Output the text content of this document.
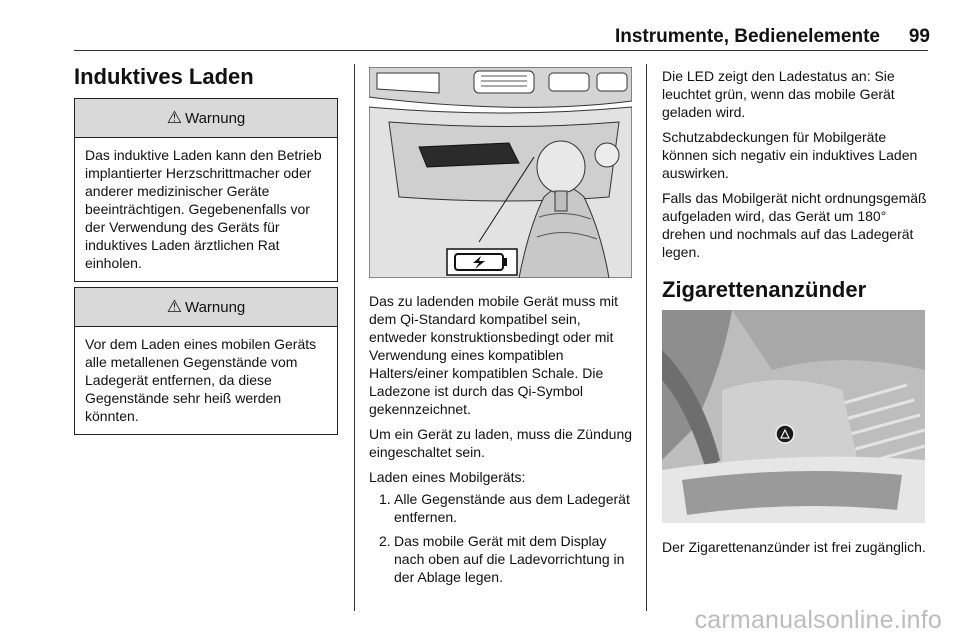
Instrumente, Bedienelemente	99
Induktives Laden
⚠ Warnung
Das induktive Laden kann den Betrieb implantierter Herzschrittmacher oder anderer medizinischer Geräte beeinträchtigen. Gegebenenfalls vor der Verwendung des Geräts für induktives Laden ärztlichen Rat einholen.
⚠ Warnung
Vor dem Laden eines mobilen Geräts alle metallenen Gegenstände vom Ladegerät entfernen, da diese Gegenstände sehr heiß werden könnten.

Das zu ladenden mobile Gerät muss mit dem Qi-Standard kompatibel sein, entweder konstruktionsbedingt oder mit Verwendung eines kompatiblen Halters/einer kompatiblen Schale. Die Ladezone ist durch das Qi-Symbol gekennzeichnet.

Um ein Gerät zu laden, muss die Zündung eingeschaltet sein.

Laden eines Mobilgeräts:

1. Alle Gegenstände aus dem Ladegerät entfernen.
2. Das mobile Gerät mit dem Display nach oben auf die Ladevorrichtung in der Ablage legen.

Die LED zeigt den Ladestatus an: Sie leuchtet grün, wenn das mobile Gerät geladen wird.

Schutzabdeckungen für Mobilgeräte können sich negativ ein induktives Laden auswirken.

Falls das Mobilgerät nicht ordnungsgemäß aufgeladen wird, das Gerät um 180° drehen und nochmals auf das Ladegerät legen.

Zigarettenanzünder
Der Zigarettenanzünder ist frei zugänglich.
carmanualsonline.info
